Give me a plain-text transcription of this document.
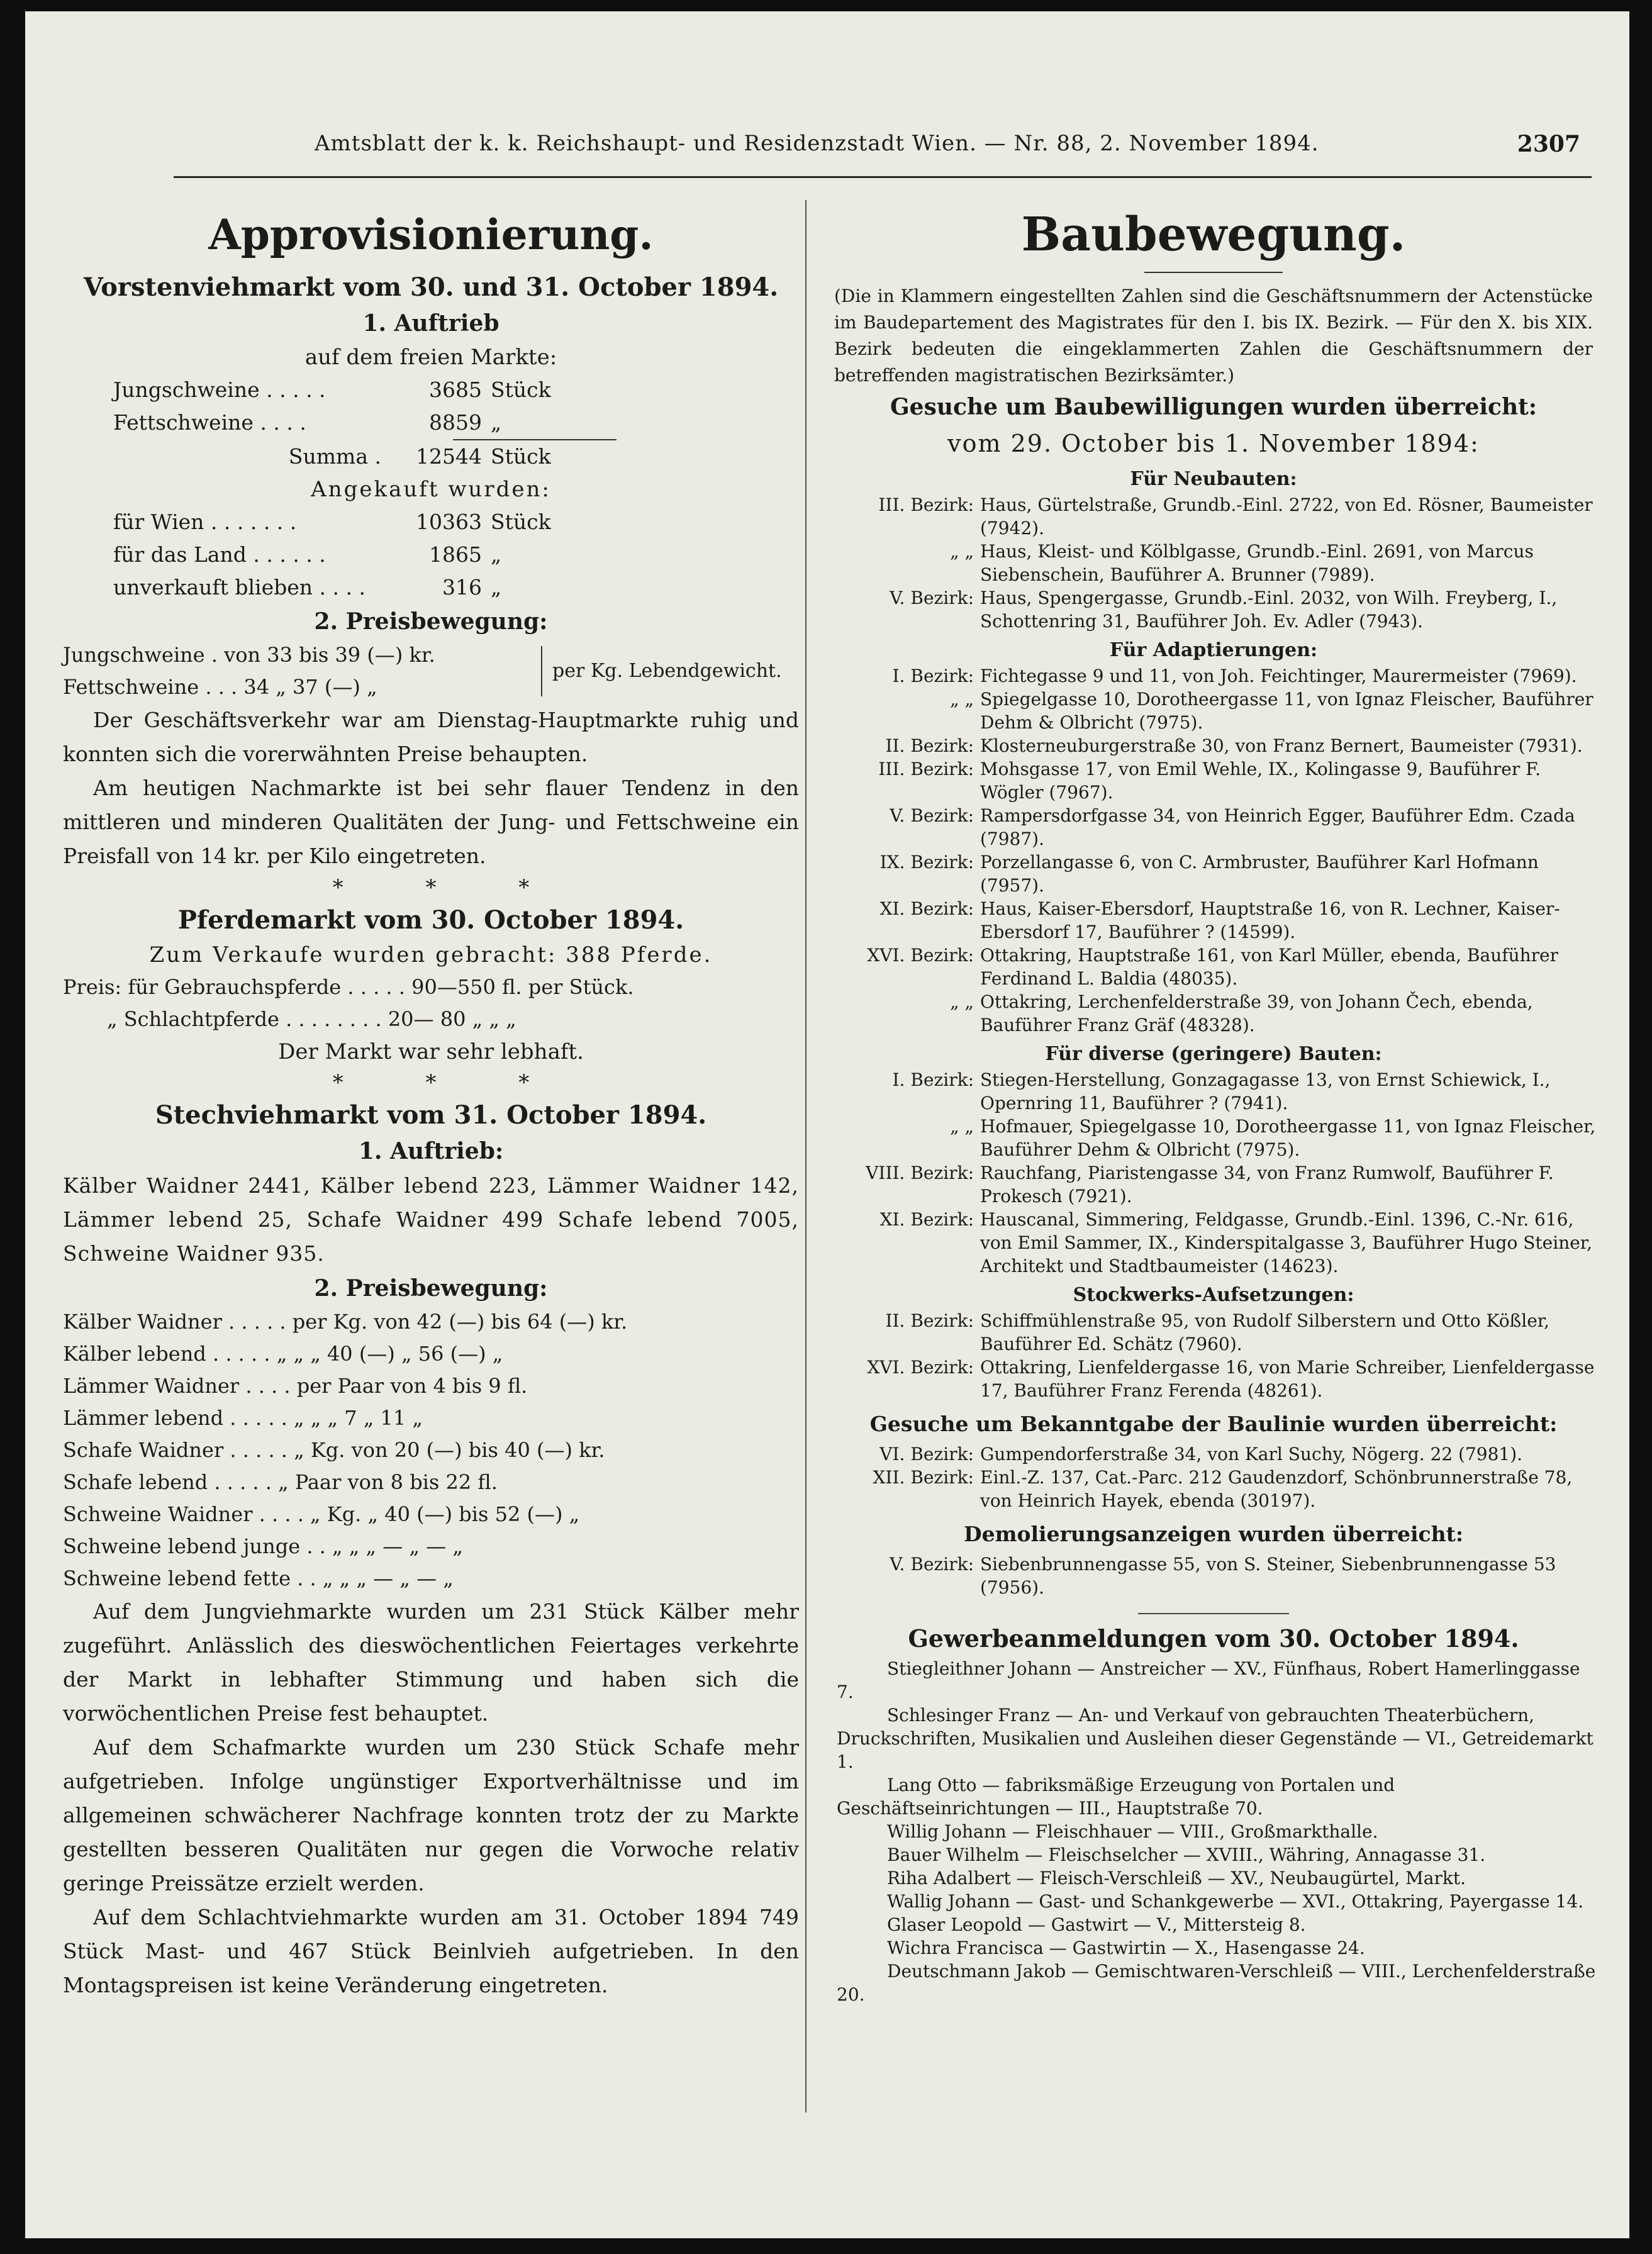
Amtsblatt der k. k. Reichshaupt- und Residenzstadt Wien. — Nr. 88, 2. November 1894.	2307
Approvisionierung.
Vorstenviehmarkt vom 30. und 31. October 1894.
1. Auftrieb
auf dem freien Markte:
Jungschweine . . . . .	3685 Stück
Fettschweine . . . .	8859 „
Summa .	12544 Stück
Angekauft wurden:
für Wien . . . . . . .	10363 Stück
für das Land . . . . . .	1865 „
unverkauft blieben . . . .	316 „
2. Preisbewegung:
Jungschweine . von 33 bis 39 (—) kr.
Fettschweine . . . 34 „ 37 (—) „
per Kg. Lebendgewicht.

Der Geschäftsverkehr war am Dienstag-Hauptmarkte ruhig und konnten sich die vorerwähnten Preise behaupten.

Am heutigen Nachmarkte ist bei sehr flauer Tendenz in den mittleren und minderen Qualitäten der Jung- und Fettschweine ein Preisfall von 14 kr. per Kilo eingetreten.

* * *
Pferdemarkt vom 30. October 1894.
Zum Verkaufe wurden gebracht: 388 Pferde.
Preis: für Gebrauchspferde . . . . . 90—550 fl. per Stück.
„ Schlachtpferde . . . . . . . . 20— 80 „ „ „
Der Markt war sehr lebhaft.
* * *
Stechviehmarkt vom 31. October 1894.
1. Auftrieb:

Kälber Waidner 2441, Kälber lebend 223, Lämmer Waidner 142, Lämmer lebend 25, Schafe Waidner 499 Schafe lebend 7005, Schweine Waidner 935.

2. Preisbewegung:
Kälber Waidner . . . . . per Kg. von 42 (—) bis 64 (—) kr.
Kälber lebend . . . . . „ „ „ 40 (—) „ 56 (—) „
Lämmer Waidner . . . . per Paar von 4 bis 9 fl.
Lämmer lebend . . . . . „ „ „ 7 „ 11 „
Schafe Waidner . . . . . „ Kg. von 20 (—) bis 40 (—) kr.
Schafe lebend . . . . . „ Paar von 8 bis 22 fl.
Schweine Waidner . . . . „ Kg. „ 40 (—) bis 52 (—) „
Schweine lebend junge . . „ „ „ — „ — „
Schweine lebend fette . . „ „ „ — „ — „

Auf dem Jungviehmarkte wurden um 231 Stück Kälber mehr zugeführt. Anlässlich des dieswöchentlichen Feiertages verkehrte der Markt in lebhafter Stimmung und haben sich die vorwöchentlichen Preise fest behauptet.

Auf dem Schafmarkte wurden um 230 Stück Schafe mehr aufgetrieben. Infolge ungünstiger Exportverhältnisse und im allgemeinen schwächerer Nachfrage konnten trotz der zu Markte gestellten besseren Qualitäten nur gegen die Vorwoche relativ geringe Preissätze erzielt werden.

Auf dem Schlachtviehmarkte wurden am 31. October 1894 749 Stück Mast- und 467 Stück Beinlvieh aufgetrieben. In den Montagspreisen ist keine Veränderung eingetreten.

Baubewegung.

(Die in Klammern eingestellten Zahlen sind die Geschäftsnummern der Actenstücke im Baudepartement des Magistrates für den I. bis IX. Bezirk. — Für den X. bis XIX. Bezirk bedeuten die eingeklammerten Zahlen die Geschäftsnummern der betreffenden magistratischen Bezirksämter.)

Gesuche um Baubewilligungen wurden überreicht:
vom 29. October bis 1. November 1894:
Für Neubauten:
III. Bezirk: Haus, Gürtelstraße, Grundb.-Einl. 2722, von Ed. Rösner, Baumeister (7942).
„ „ Haus, Kleist- und Kölblgasse, Grundb.-Einl. 2691, von Marcus Siebenschein, Bauführer A. Brunner (7989).
V. Bezirk: Haus, Spengergasse, Grundb.-Einl. 2032, von Wilh. Freyberg, I., Schottenring 31, Bauführer Joh. Ev. Adler (7943).
Für Adaptierungen:
I. Bezirk: Fichtegasse 9 und 11, von Joh. Feichtinger, Maurermeister (7969).
„ „ Spiegelgasse 10, Dorotheergasse 11, von Ignaz Fleischer, Bauführer Dehm & Olbricht (7975).
II. Bezirk: Klosterneuburgerstraße 30, von Franz Bernert, Baumeister (7931).
III. Bezirk: Mohsgasse 17, von Emil Wehle, IX., Kolingasse 9, Bauführer F. Wögler (7967).
V. Bezirk: Rampersdorfgasse 34, von Heinrich Egger, Bauführer Edm. Czada (7987).
IX. Bezirk: Porzellangasse 6, von C. Armbruster, Bauführer Karl Hofmann (7957).
XI. Bezirk: Haus, Kaiser-Ebersdorf, Hauptstraße 16, von R. Lechner, Kaiser-Ebersdorf 17, Bauführer ? (14599).
XVI. Bezirk: Ottakring, Hauptstraße 161, von Karl Müller, ebenda, Bauführer Ferdinand L. Baldia (48035).
„ „ Ottakring, Lerchenfelderstraße 39, von Johann Čech, ebenda, Bauführer Franz Gräf (48328).
Für diverse (geringere) Bauten:
I. Bezirk: Stiegen-Herstellung, Gonzagagasse 13, von Ernst Schiewick, I., Opernring 11, Bauführer ? (7941).
„ „ Hofmauer, Spiegelgasse 10, Dorotheergasse 11, von Ignaz Fleischer, Bauführer Dehm & Olbricht (7975).
VIII. Bezirk: Rauchfang, Piaristengasse 34, von Franz Rumwolf, Bauführer F. Prokesch (7921).
XI. Bezirk: Hauscanal, Simmering, Feldgasse, Grundb.-Einl. 1396, C.-Nr. 616, von Emil Sammer, IX., Kinderspitalgasse 3, Bauführer Hugo Steiner, Architekt und Stadtbaumeister (14623).
Stockwerks-Aufsetzungen:
II. Bezirk: Schiffmühlenstraße 95, von Rudolf Silberstern und Otto Kößler, Bauführer Ed. Schätz (7960).
XVI. Bezirk: Ottakring, Lienfeldergasse 16, von Marie Schreiber, Lienfeldergasse 17, Bauführer Franz Ferenda (48261).
Gesuche um Bekanntgabe der Baulinie wurden überreicht:
VI. Bezirk: Gumpendorferstraße 34, von Karl Suchy, Nögerg. 22 (7981).
XII. Bezirk: Einl.-Z. 137, Cat.-Parc. 212 Gaudenzdorf, Schönbrunnerstraße 78, von Heinrich Hayek, ebenda (30197).
Demolierungsanzeigen wurden überreicht:
V. Bezirk: Siebenbrunnengasse 55, von S. Steiner, Siebenbrunnengasse 53 (7956).
Gewerbeanmeldungen vom 30. October 1894.

Stiegleithner Johann — Anstreicher — XV., Fünfhaus, Robert Hamerlinggasse 7.

Schlesinger Franz — An- und Verkauf von gebrauchten Theaterbüchern, Druckschriften, Musikalien und Ausleihen dieser Gegenstände — VI., Getreidemarkt 1.

Lang Otto — fabriksmäßige Erzeugung von Portalen und Geschäftseinrichtungen — III., Hauptstraße 70.

Willig Johann — Fleischhauer — VIII., Großmarkthalle.

Bauer Wilhelm — Fleischselcher — XVIII., Währing, Annagasse 31.

Riha Adalbert — Fleisch-Verschleiß — XV., Neubaugürtel, Markt.

Wallig Johann — Gast- und Schankgewerbe — XVI., Ottakring, Payergasse 14.

Glaser Leopold — Gastwirt — V., Mittersteig 8.

Wichra Francisca — Gastwirtin — X., Hasengasse 24.

Deutschmann Jakob — Gemischtwaren-Verschleiß — VIII., Lerchenfelderstraße 20.
